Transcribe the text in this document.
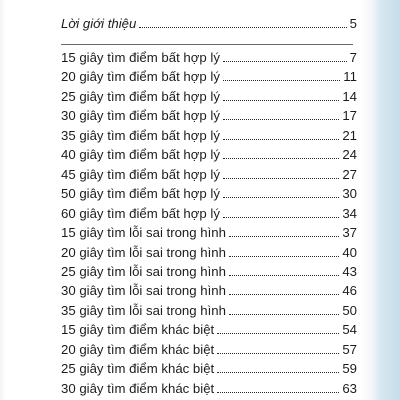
Lời giới thiệu	5
15 giây tìm điểm bất hợp lý	7
20 giây tìm điểm bất hợp lý	11
25 giây tìm điểm bất hợp lý	14
30 giây tìm điểm bất hợp lý	17
35 giây tìm điểm bất hợp lý	21
40 giây tìm điểm bất hợp lý	24
45 giây tìm điểm bất hợp lý	27
50 giây tìm điểm bất hợp lý	30
60 giây tìm điểm bất hợp lý	34
15 giây tìm lỗi sai trong hình	37
20 giây tìm lỗi sai trong hình	40
25 giây tìm lỗi sai trong hình	43
30 giây tìm lỗi sai trong hình	46
35 giây tìm lỗi sai trong hình	50
15 giây tìm điểm khác biệt	54
20 giây tìm điểm khác biệt	57
25 giây tìm điểm khác biệt	59
30 giây tìm điểm khác biệt	63
